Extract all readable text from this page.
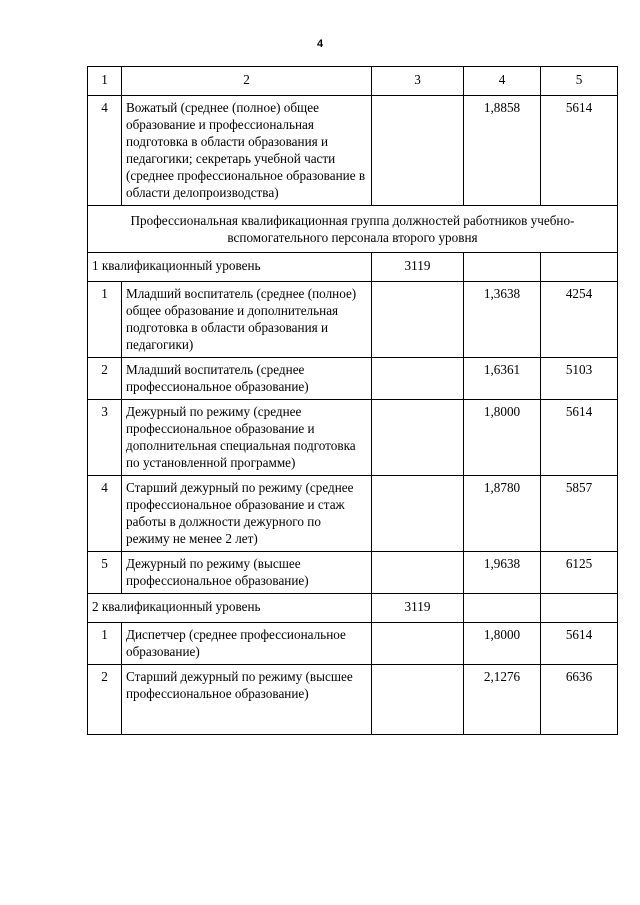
4
1	2	3	4	5
4	Вожатый (среднее (полное) общее образование и профессиональная подготовка в области образования и педагогики; секретарь учебной части (среднее профессиональное образование в области делопроизводства)		1,8858	5614
Профессиональная квалификационная группа должностей работников учебно-вспомогательного персонала второго уровня				
1 квалификационный уровень		3119		
1	Младший воспитатель (среднее (полное) общее образование и дополнительная подготовка в области образования и педагогики)		1,3638	4254
2	Младший воспитатель (среднее профессиональное образование)		1,6361	5103
3	Дежурный по режиму (среднее профессиональное образование и дополнительная специальная подготовка по установленной программе)		1,8000	5614
4	Старший дежурный по режиму (среднее профессиональное образование и стаж работы в должности дежурного по режиму не менее 2 лет)		1,8780	5857
5	Дежурный по режиму (высшее профессиональное образование)		1,9638	6125
2 квалификационный уровень		3119		
1	Диспетчер (среднее профессиональное образование)		1,8000	5614
2	Старший дежурный по режиму (высшее профессиональное образование)		2,1276	6636
